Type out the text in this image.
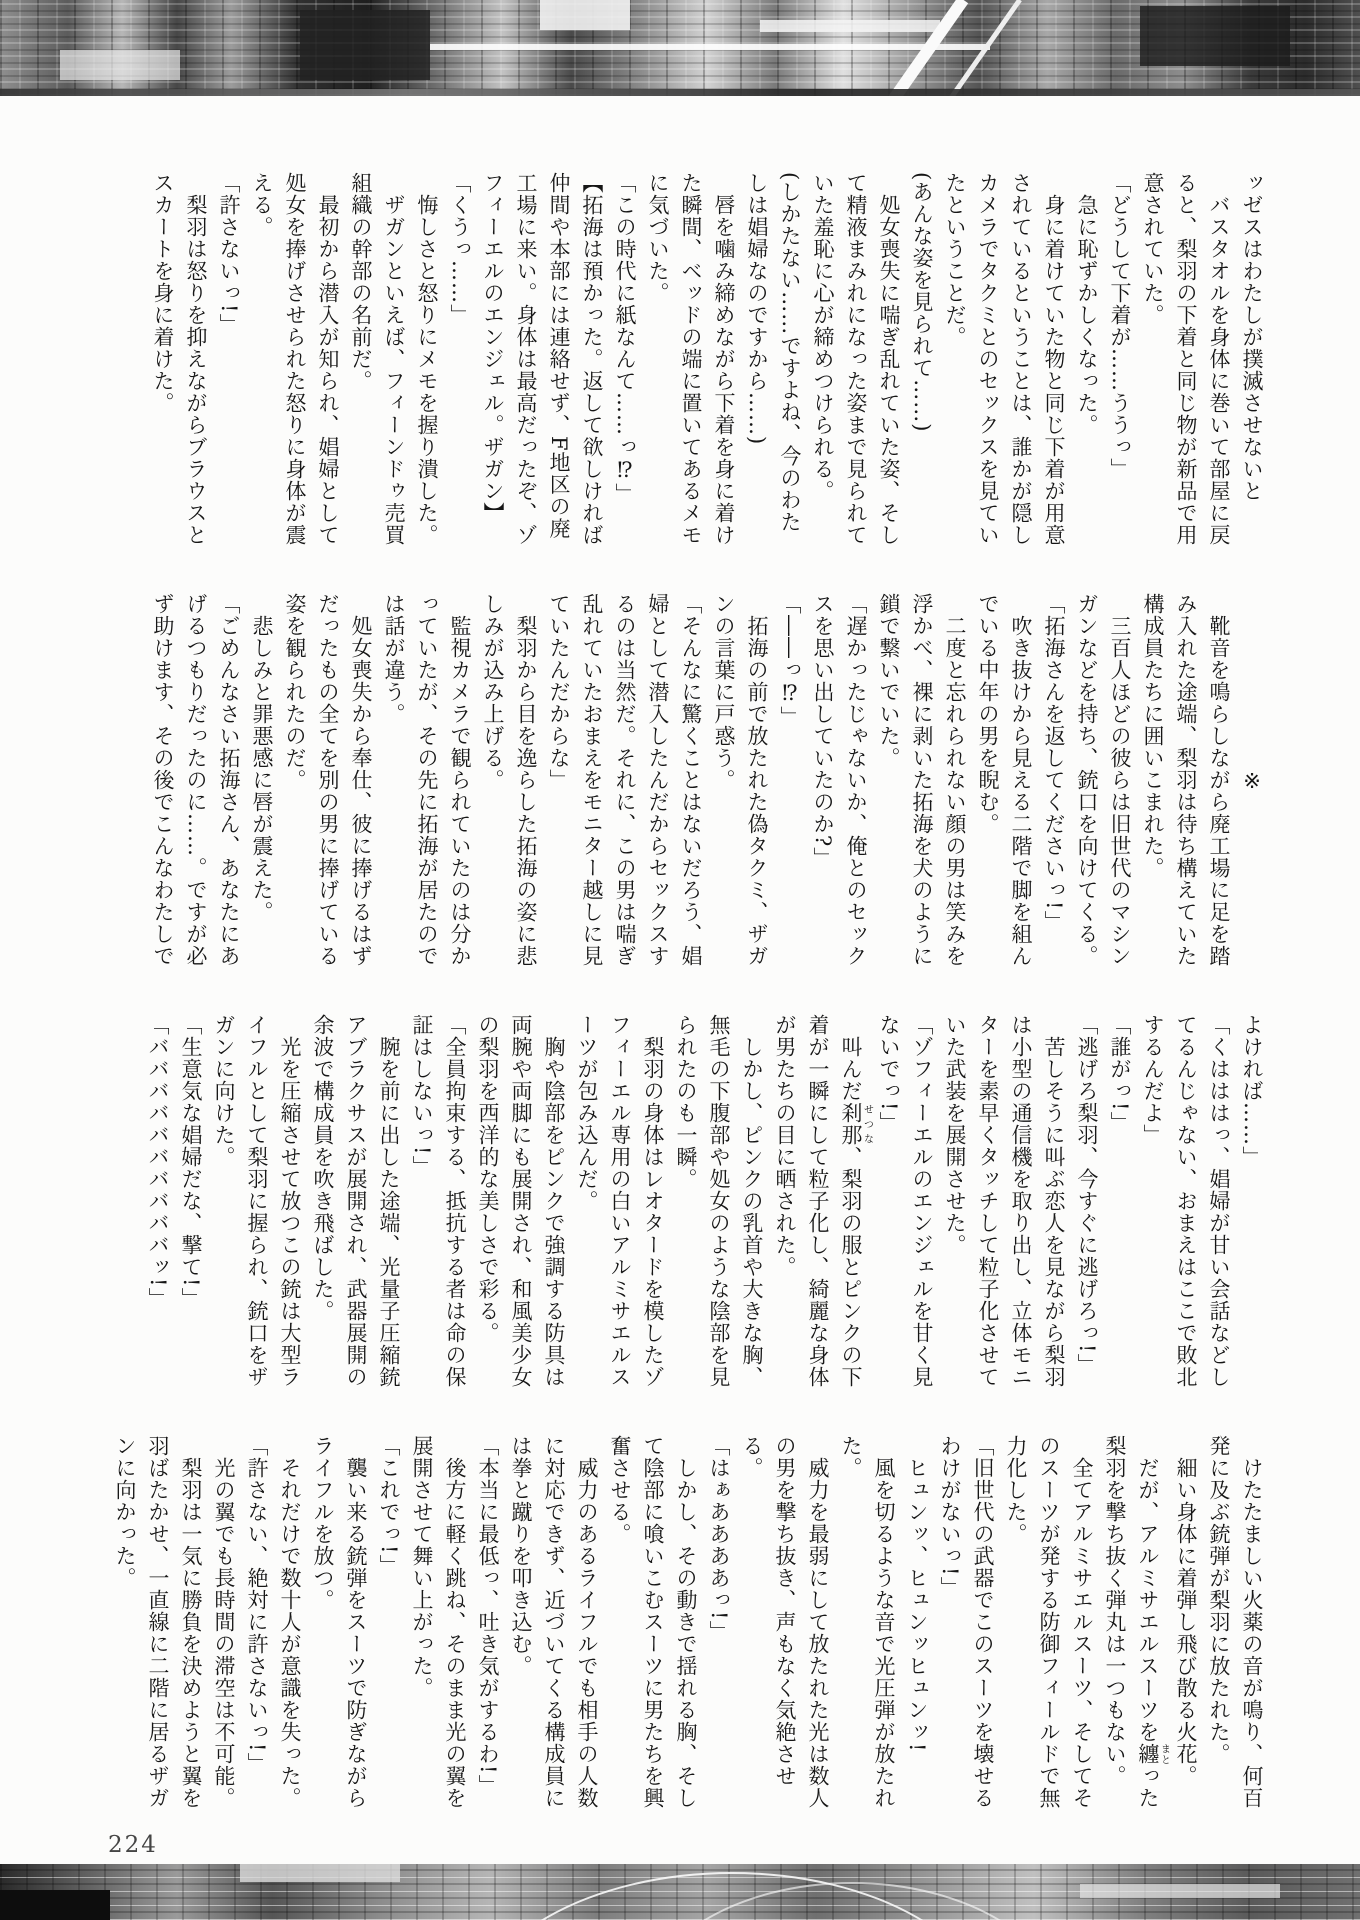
ッゼスはわたしが撲滅させないと

バスタオルを身体に巻いて部屋に戻ると、梨羽の下着と同じ物が新品で用意されていた。

「どうして下着が……ううっ」

急に恥ずかしくなった。

身に着けていた物と同じ下着が用意されているということは、誰かが隠しカメラでタクミとのセックスを見ていたということだ。

(あんな姿を見られて……)

処女喪失に喘ぎ乱れていた姿、そして精液まみれになった姿まで見られていた羞恥に心が締めつけられる。

(しかたない……ですよね、今のわたしは娼婦なのですから……)

唇を噛み締めながら下着を身に着けた瞬間、ベッドの端に置いてあるメモに気づいた。

「この時代に紙なんて……っ⁉」

【拓海は預かった。返して欲しければ仲間や本部には連絡せず、F地区の廃工場に来い。身体は最高だったぞ、ゾフィーエルのエンジェル。ザガン】

「くうっ……」

悔しさと怒りにメモを握り潰した。

ザガンといえば、フィーンドゥ売買組織の幹部の名前だ。

最初から潜入が知られ、娼婦として処女を捧げさせられた怒りに身体が震える。

「許さないっ!」

梨羽は怒りを抑えながらブラウスとスカートを身に着けた。

※

靴音を鳴らしながら廃工場に足を踏み入れた途端、梨羽は待ち構えていた構成員たちに囲いこまれた。

三百人ほどの彼らは旧世代のマシンガンなどを持ち、銃口を向けてくる。

「拓海さんを返してくださいっ!」

吹き抜けから見える二階で脚を組んでいる中年の男を睨む。

二度と忘れられない顔の男は笑みを浮かべ、裸に剥いた拓海を犬のように鎖で繋いでいた。

「遅かったじゃないか、俺とのセックスを思い出していたのか?」

「――っ⁉」

拓海の前で放たれた偽タクミ、ザガンの言葉に戸惑う。

「そんなに驚くことはないだろう、娼婦として潜入したんだからセックスするのは当然だ。それに、この男は喘ぎ乱れていたおまえをモニター越しに見ていたんだからな」

梨羽から目を逸らした拓海の姿に悲しみが込み上げる。

監視カメラで観られていたのは分かっていたが、その先に拓海が居たのでは話が違う。

処女喪失から奉仕、彼に捧げるはずだったもの全てを別の男に捧げている姿を観られたのだ。

悲しみと罪悪感に唇が震えた。

「ごめんなさい拓海さん、あなたにあげるつもりだったのに……。ですが必ず助けます、その後でこんなわたしで

よければ……」

「くはははっ、娼婦が甘い会話などしてるんじゃない、おまえはここで敗北するんだよ」

「誰がっ!」

「逃げろ梨羽、今すぐに逃げろっ!」

苦しそうに叫ぶ恋人を見ながら梨羽は小型の通信機を取り出し、立体モニターを素早くタッチして粒子化させていた武装を展開させた。

「ゾフィーエルのエンジェルを甘く見ないでっ!」

叫んだ刹那せつな、梨羽の服とピンクの下着が一瞬にして粒子化し、綺麗な身体が男たちの目に晒された。

しかし、ピンクの乳首や大きな胸、無毛の下腹部や処女のような陰部を見られたのも一瞬。

梨羽の身体はレオタードを模したゾフィーエル専用の白いアルミサエルスーツが包み込んだ。

胸や陰部をピンクで強調する防具は両腕や両脚にも展開され、和風美少女の梨羽を西洋的な美しさで彩る。

「全員拘束する、抵抗する者は命の保証はしないっ!」

腕を前に出した途端、光量子圧縮銃アブラクサスが展開され、武器展開の余波で構成員を吹き飛ばした。

光を圧縮させて放つこの銃は大型ライフルとして梨羽に握られ、銃口をザガンに向けた。

「生意気な娼婦だな、撃て!」

「ババババババババババッ!」

けたたましい火薬の音が鳴り、何百発に及ぶ銃弾が梨羽に放たれた。

細い身体に着弾し飛び散る火花。

だが、アルミサエルスーツを纏まとった梨羽を撃ち抜く弾丸は一つもない。

全てアルミサエルスーツ、そしてそのスーツが発する防御フィールドで無力化した。

「旧世代の武器でこのスーツを壊せるわけがないっ!」

ヒュンッ、ヒュンッヒュンッ!

風を切るような音で光圧弾が放たれた。

威力を最弱にして放たれた光は数人の男を撃ち抜き、声もなく気絶させる。

「はぁああああっ!」

しかし、その動きで揺れる胸、そして陰部に喰いこむスーツに男たちを興奮させる。

威力のあるライフルでも相手の人数に対応できず、近づいてくる構成員には拳と蹴りを叩き込む。

「本当に最低っ、吐き気がするわ!」

後方に軽く跳ね、そのまま光の翼を展開させて舞い上がった。

「これでっ!」

襲い来る銃弾をスーツで防ぎながらライフルを放つ。

それだけで数十人が意識を失った。

「許さない、絶対に許さないっ!」

光の翼でも長時間の滞空は不可能。

梨羽は一気に勝負を決めようと翼を羽ばたかせ、一直線に二階に居るザガンに向かった。

224
